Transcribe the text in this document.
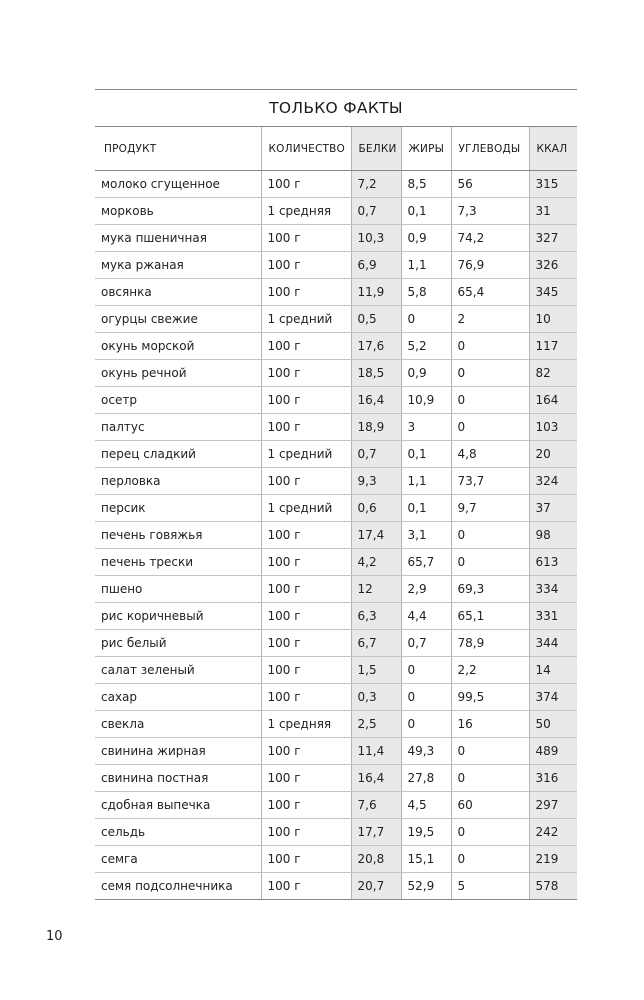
ТОЛЬКО ФАКТЫ
ПРОДУКТ	КОЛИЧЕСТВО	БЕЛКИ	ЖИРЫ	УГЛЕВОДЫ	ККАЛ
молоко сгущенное	100 г	7,2	8,5	56	315
морковь	1 средняя	0,7	0,1	7,3	31
мука пшеничная	100 г	10,3	0,9	74,2	327
мука ржаная	100 г	6,9	1,1	76,9	326
овсянка	100 г	11,9	5,8	65,4	345
огурцы свежие	1 средний	0,5	0	2	10
окунь морской	100 г	17,6	5,2	0	117
окунь речной	100 г	18,5	0,9	0	82
осетр	100 г	16,4	10,9	0	164
палтус	100 г	18,9	3	0	103
перец сладкий	1 средний	0,7	0,1	4,8	20
перловка	100 г	9,3	1,1	73,7	324
персик	1 средний	0,6	0,1	9,7	37
печень говяжья	100 г	17,4	3,1	0	98
печень трески	100 г	4,2	65,7	0	613
пшено	100 г	12	2,9	69,3	334
рис коричневый	100 г	6,3	4,4	65,1	331
рис белый	100 г	6,7	0,7	78,9	344
салат зеленый	100 г	1,5	0	2,2	14
сахар	100 г	0,3	0	99,5	374
свекла	1 средняя	2,5	0	16	50
свинина жирная	100 г	11,4	49,3	0	489
свинина постная	100 г	16,4	27,8	0	316
сдобная выпечка	100 г	7,6	4,5	60	297
сельдь	100 г	17,7	19,5	0	242
семга	100 г	20,8	15,1	0	219
семя подсолнечника	100 г	20,7	52,9	5	578
10
